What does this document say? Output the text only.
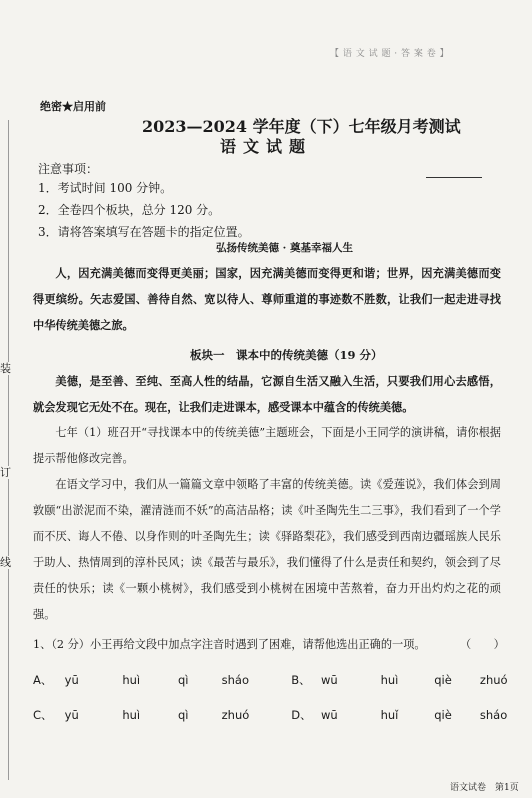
【 语 文 试 题 · 答 案 卷 】
装
订
线
绝密★启用前
2023—2024 学年度（下）七年级月考测试
语文试题
注意事项：
1．考试时间 100 分钟。
2．全卷四个板块，总分 120 分。
3．请将答案填写在答题卡的指定位置。
弘扬传统美德 · 奠基幸福人生
人，因充满美德而变得更美丽；国家，因充满美德而变得更和谐；世界，因充满美德而变得更缤纷。矢志爱国、善待自然、宽以待人、尊师重道的事迹数不胜数，让我们一起走进寻找中华传统美德之旅。
板块一　课本中的传统美德（19 分）
美德，是至善、至纯、至高人性的结晶，它源自生活又融入生活，只要我们用心去感悟，就会发现它无处不在。现在，让我们走进课本，感受课本中蕴含的传统美德。
七年（1）班召开“寻找课本中的传统美德”主题班会，下面是小王同学的演讲稿，请你根据提示帮他修改完善。
在语文学习中，我们从一篇篇文章中领略了丰富的传统美德。读《爱莲说》，我们体会到周敦颐“出淤泥而不染，濯清涟而不妖”的高洁品格；读《叶圣陶先生二三事》，我们看到了一个学而不厌、诲人不倦、以身作则的叶圣陶先生；读《驿路梨花》，我们感受到西南边疆瑶族人民乐于助人、热情周到的淳朴民风；读《最苦与最乐》，我们懂得了什么是责任和契约，领会到了尽责任的快乐；读《一颗小桃树》，我们感受到小桃树在困境中苦熬着，奋力开出灼灼之花的顽强。
1、（2 分）小王再给文段中加点字注音时遇到了困难，请帮他选出正确的一项。	（　　）
A、 yū	huì	qì	sháo	B、 wū	huì	qiè zhuó
C、 yū	huì	qì	zhuó	D、 wū	huǐ	qiè sháo
语文试卷　第1页
